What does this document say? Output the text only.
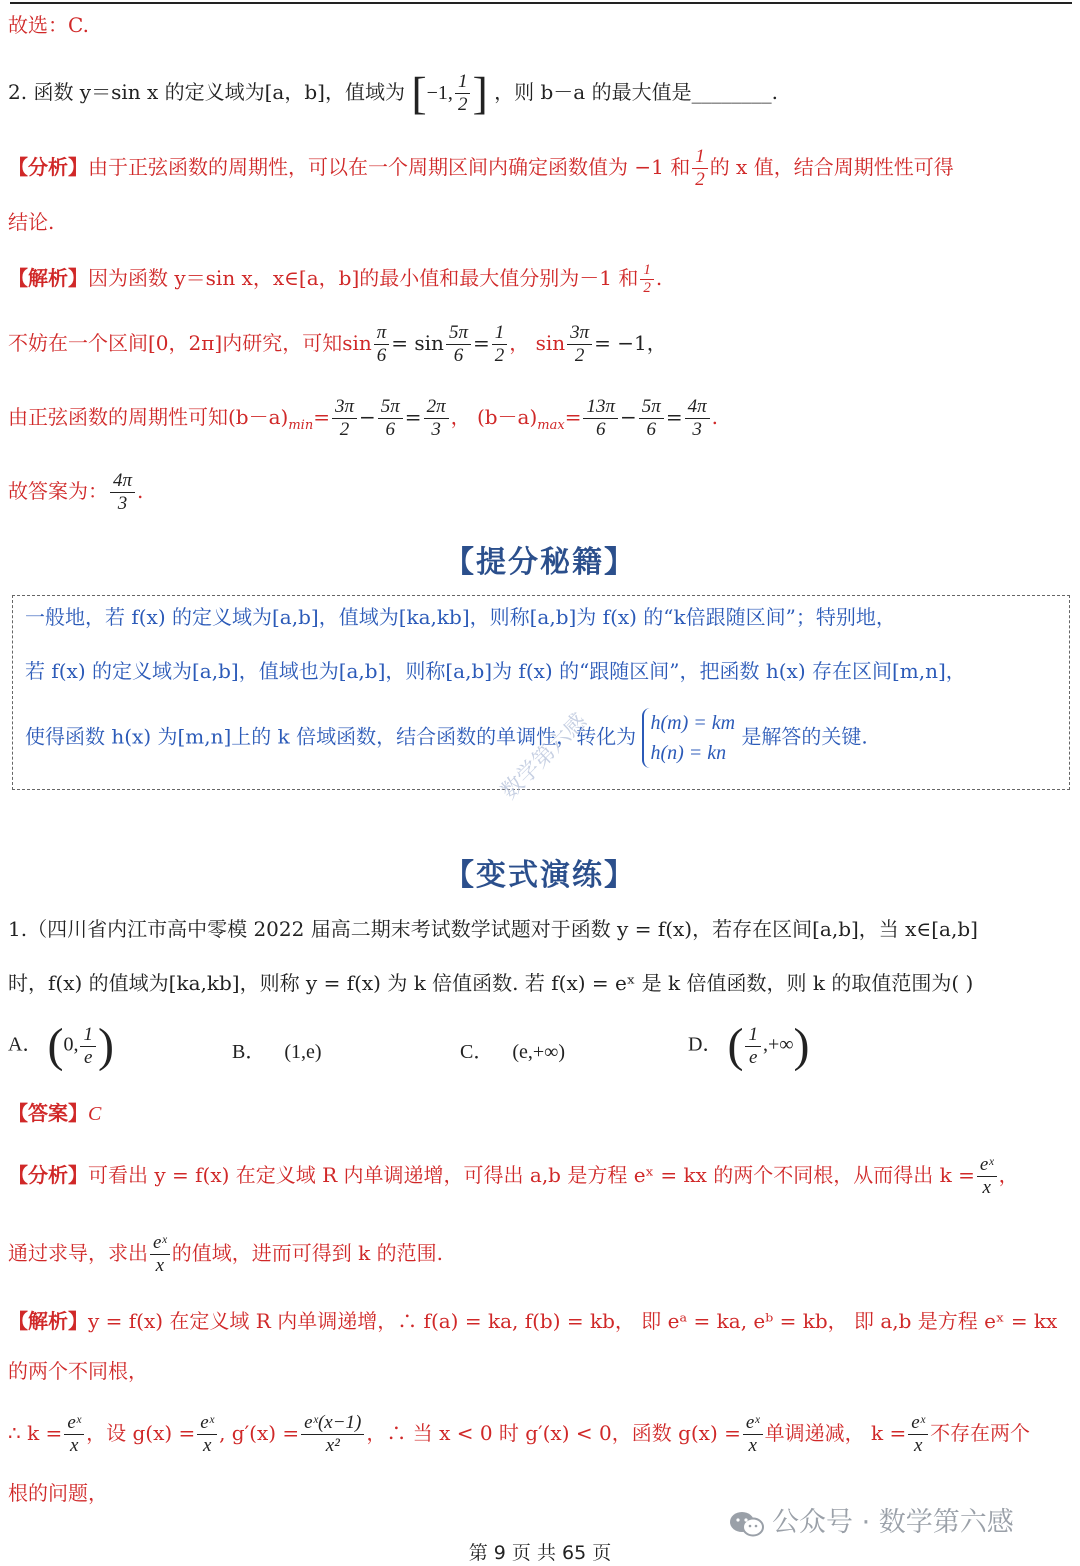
故选：C.
2. 函数 y＝sin x 的定义域为[a，b]，值域为 [−1, $\frac{1}{2}$ ] ，则 b－a 的最大值是________.
【分析】由于正弦函数的周期性，可以在一个周期区间内确定函数值为 −1 和 $\frac{1}{2}$ 的 x 值，结合周期性性可得
结论.
【解析】因为函数 y＝sin x，x∈[a，b]的最小值和最大值分别为－1 和 $\frac{1}{2}$ .
不妨在一个区间[0，2π]内研究，可知$\sin \frac{\pi}{6} = \sin \frac{5\pi}{6} = \frac{1}{2}$ ， $\sin \frac{3\pi}{2} = -1$，
由正弦函数的周期性可知$(b-a)_{min}= \frac{3\pi}{2} - \frac{5\pi}{6} = \frac{2\pi}{3}$ ， $(b-a)_{max}= \frac{13\pi}{6} - \frac{5\pi}{6} = \frac{4\pi}{3}$ .
故答案为： $\frac{4\pi}{3}$ .
【提分秘籍】
一般地，若 f(x) 的定义域为[a,b]，值域为[ka,kb]，则称[a,b]为 f(x) 的“k倍跟随区间”；特别地，
若 f(x) 的定义域为[a,b]，值域也为[a,b]，则称[a,b]为 f(x) 的“跟随区间”，把函数 h(x) 存在区间[m,n]，
使得函数 h(x) 为[m,n]上的 k 倍域函数，结合函数的单调性，转化为
h(m) = km
h(n) = kn
是解答的关键.
数学第六感
【变式演练】
1.（四川省内江市高中零模 2022 届高二期末考试数学试题对于函数 y = f(x)，若存在区间[a,b]，当 x∈[a,b]
时，f(x) 的值域为[ka,kb]，则称 y = f(x) 为 k 倍值函数. 若 f(x) = eˣ 是 k 倍值函数，则 k 的取值范围为( )
A． (0, $\frac{1}{e}$ )	B． (1,e)	C． (e,+∞)	D． ( $\frac{1}{e}$ ,+∞)
【答案】C
【分析】可看出 y = f(x) 在定义域 R 内单调递增，可得出 a,b 是方程 eˣ = kx 的两个不同根，从而得出 $k = \frac{\text{eˣ}}{x}$ ，
通过求导，求出 $\frac{\text{eˣ}}{x}$ 的值域，进而可得到 k 的范围.
【解析】y = f(x) 在定义域 R 内单调递增，∴ f(a) = ka, f(b) = kb， 即 eᵃ = ka, eᵇ = kb， 即 a,b 是方程 eˣ = kx
的两个不同根，
∴ $k = \frac{\text{eˣ}}{x}$ ，设 $g(x) = \frac{\text{eˣ}}{x}$ , $g'(x) = \frac{\text{eˣ(x−1)}}{\text{x²}}$ ，∴ 当 x < 0 时 g′(x) < 0，函数 $g(x) = \frac{\text{eˣ}}{x}$ 单调递减， $k = \frac{\text{eˣ}}{x}$ 不存在两个
根的问题，
公众号 · 数学第六感
第 9 页 共 65 页
